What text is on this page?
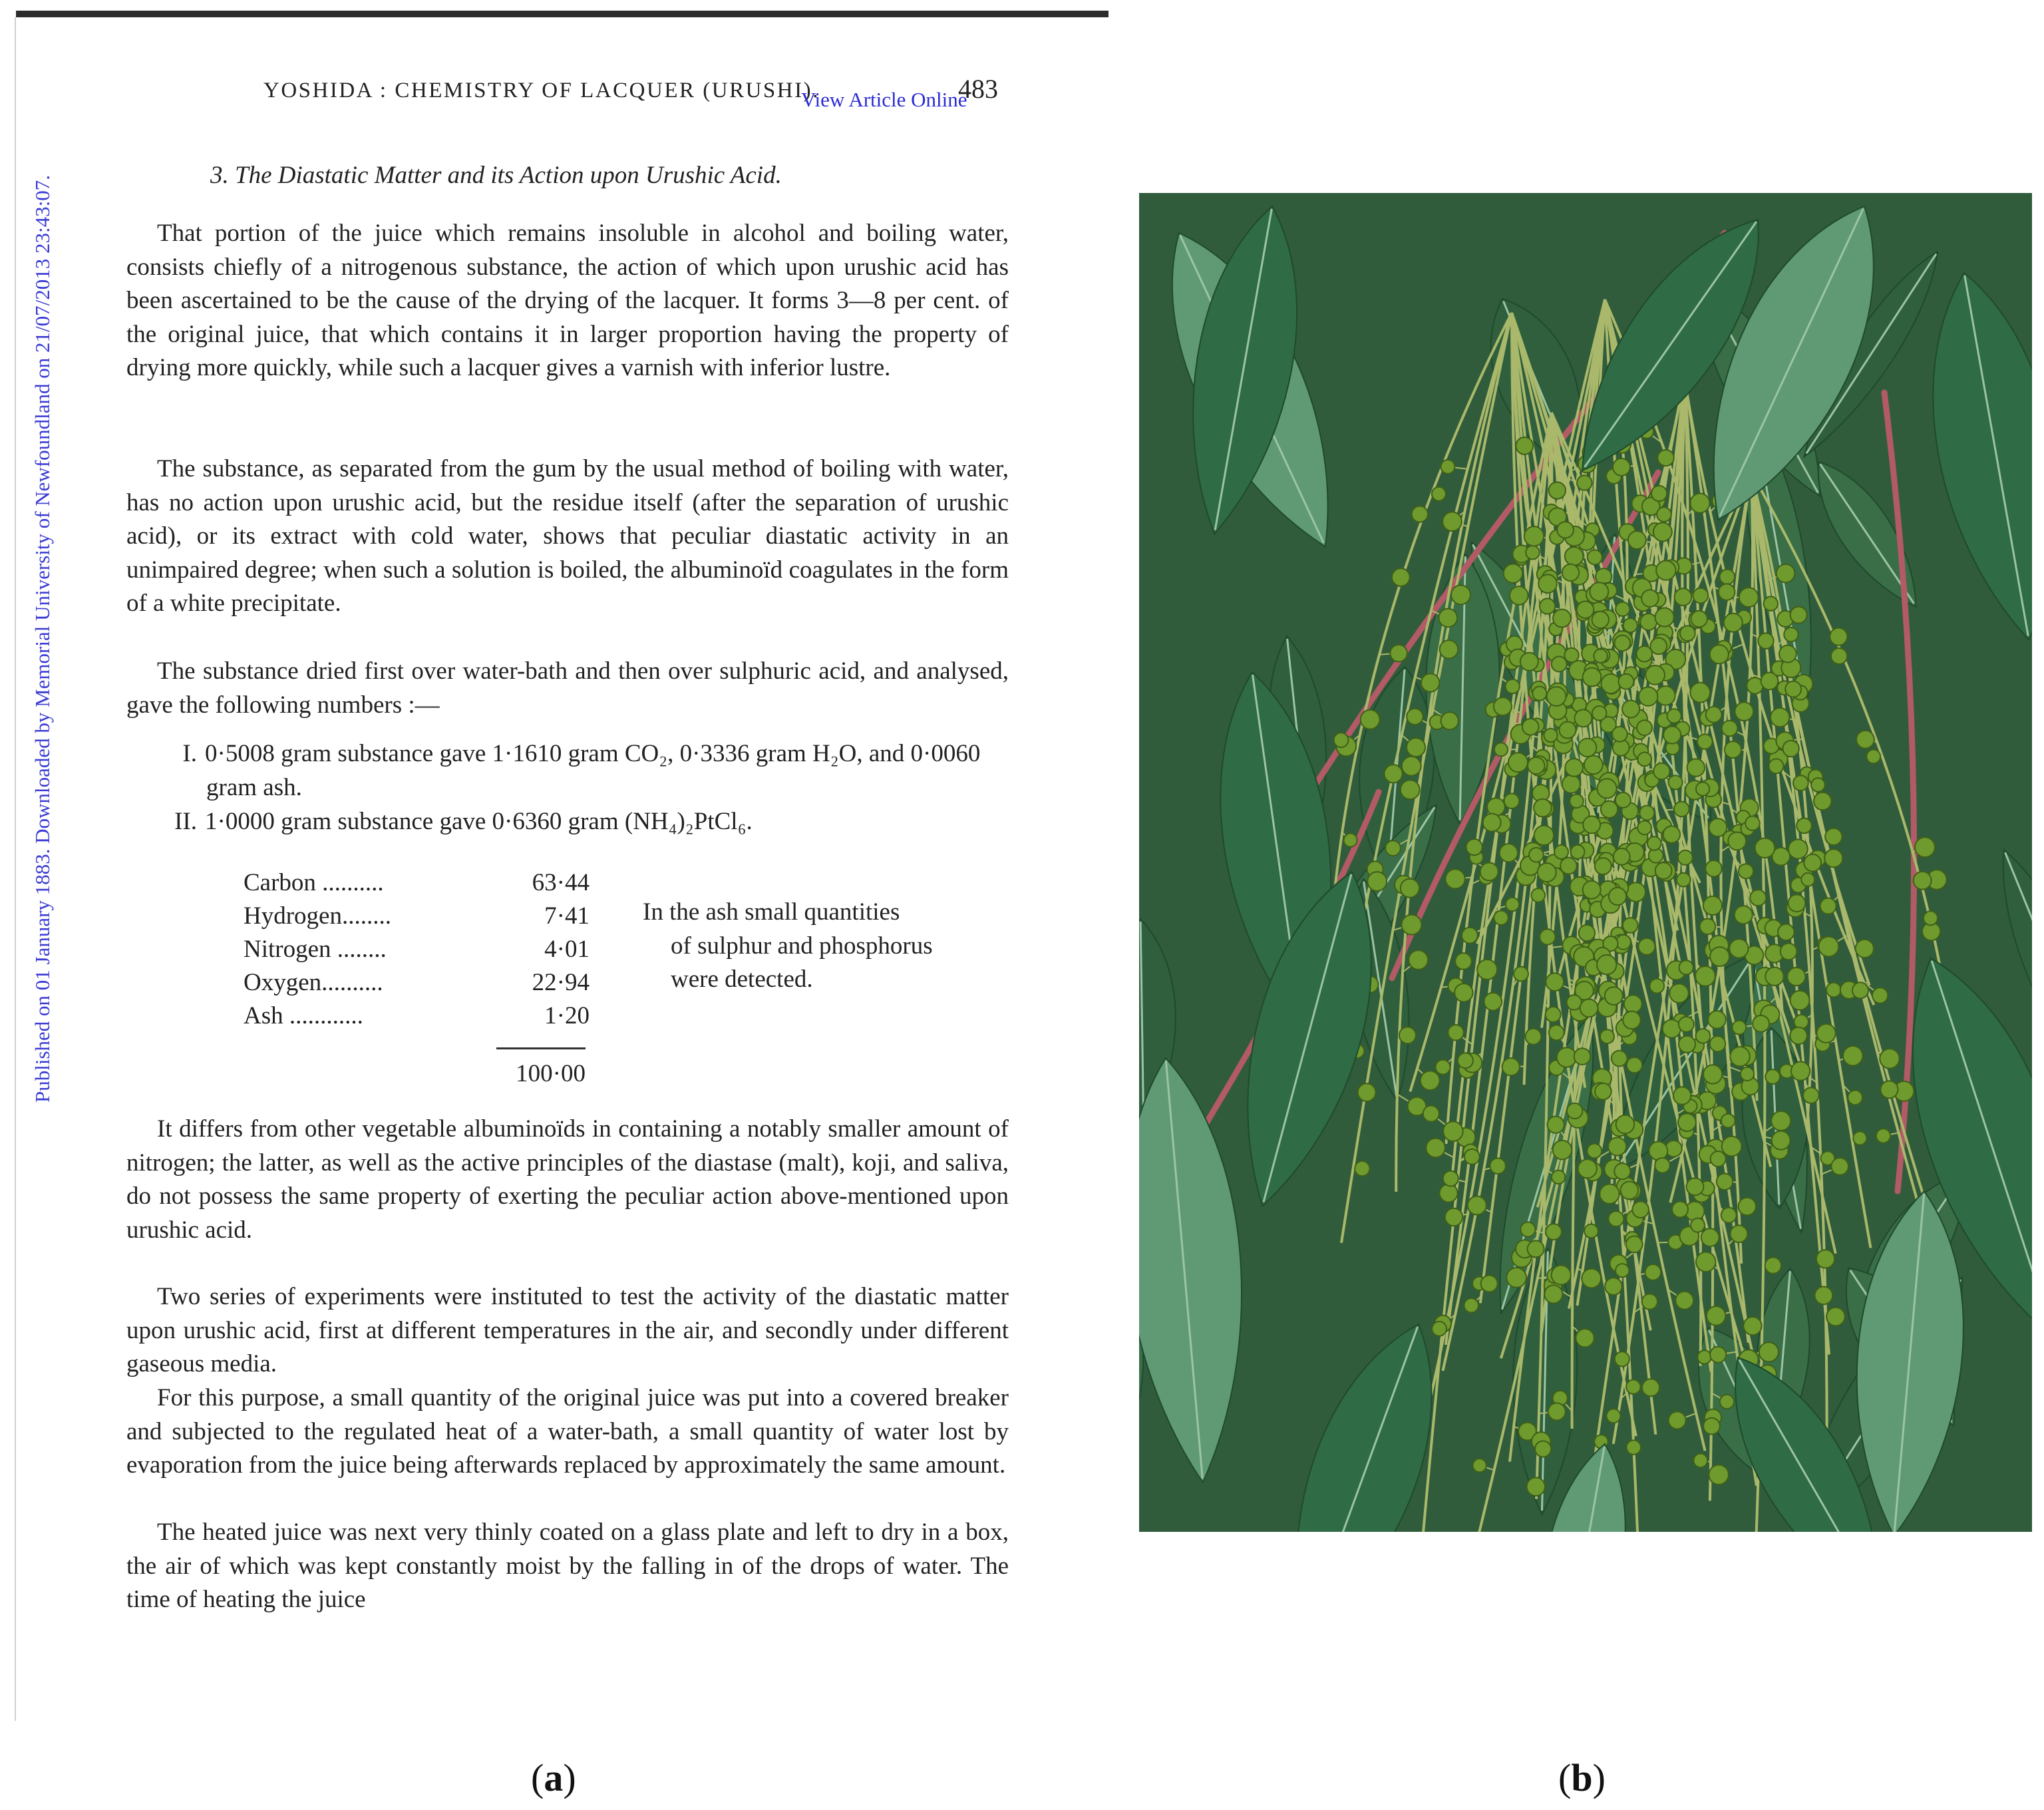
Published on 01 January 1883. Downloaded by Memorial University of Newfoundland on 21/07/2013 23:43:07.
YOSHIDA : CHEMISTRY OF LACQUER (URUSHI).	483
View Article Online
3. The Diastatic Matter and its Action upon Urushic Acid.
That portion of the juice which remains insoluble in alcohol and boiling water, consists chiefly of a nitrogenous substance, the action of which upon urushic acid has been ascertained to be the cause of the drying of the lacquer. It forms 3—8 per cent. of the original juice, that which contains it in larger proportion having the property of drying more quickly, while such a lacquer gives a varnish with inferior lustre.
The substance, as separated from the gum by the usual method of boiling with water, has no action upon urushic acid, but the residue itself (after the separation of urushic acid), or its extract with cold water, shows that peculiar diastatic activity in an unimpaired degree; when such a solution is boiled, the albuminoïd coagulates in the form of a white precipitate.
The substance dried first over water-bath and then over sulphuric acid, and analysed, gave the following numbers :—
I. 0·5008 gram substance gave 1·1610 gram CO₂, 0·3336 gram H₂O, and 0·0060 gram ash.
II. 1·0000 gram substance gave 0·6360 gram (NH₄)₂PtCl₆.
Carbon ..........	63·44
Hydrogen........	7·41
Nitrogen ........	4·01
Oxygen..........	22·94
Ash ............	1·20
100·00
In the ash small quantities
of sulphur and phosphorus
were detected.
It differs from other vegetable albuminoïds in containing a notably smaller amount of nitrogen; the latter, as well as the active principles of the diastase (malt), koji, and saliva, do not possess the same property of exerting the peculiar action above-mentioned upon urushic acid.
Two series of experiments were instituted to test the activity of the diastatic matter upon urushic acid, first at different temperatures in the air, and secondly under different gaseous media.
For this purpose, a small quantity of the original juice was put into a covered breaker and subjected to the regulated heat of a water-bath, a small quantity of water lost by evaporation from the juice being afterwards replaced by approximately the same amount.
The heated juice was next very thinly coated on a glass plate and left to dry in a box, the air of which was kept constantly moist by the falling in of the drops of water. The time of heating the juice
(a)	(b)
